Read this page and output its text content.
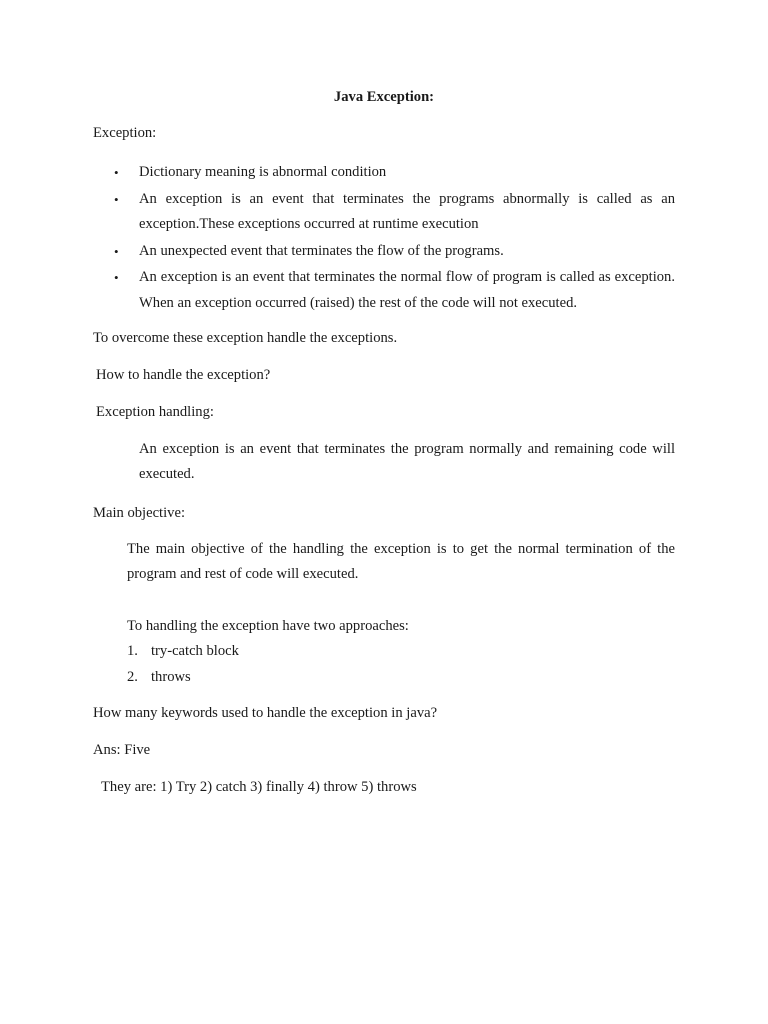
Java Exception:
Exception:
• Dictionary meaning is abnormal condition
• An exception is an event that terminates the programs abnormally is called as an exception.These exceptions occurred at runtime execution
• An unexpected event that terminates the flow of the programs.
• An exception is an event that terminates the normal flow of program is called as exception. When an exception occurred (raised) the rest of the code will not executed.
To overcome these exception handle the exceptions.
How to handle the exception?
Exception handling:
An exception is an event that terminates the program normally and remaining code will executed.
Main objective:
The main objective of the handling the exception is to get the normal termination of the program and rest of code will executed.
To handling the exception have two approaches:
1. try-catch block
2. throws
How many keywords used to handle the exception in java?
Ans: Five
They are: 1) Try 2) catch 3) finally 4) throw 5) throws
